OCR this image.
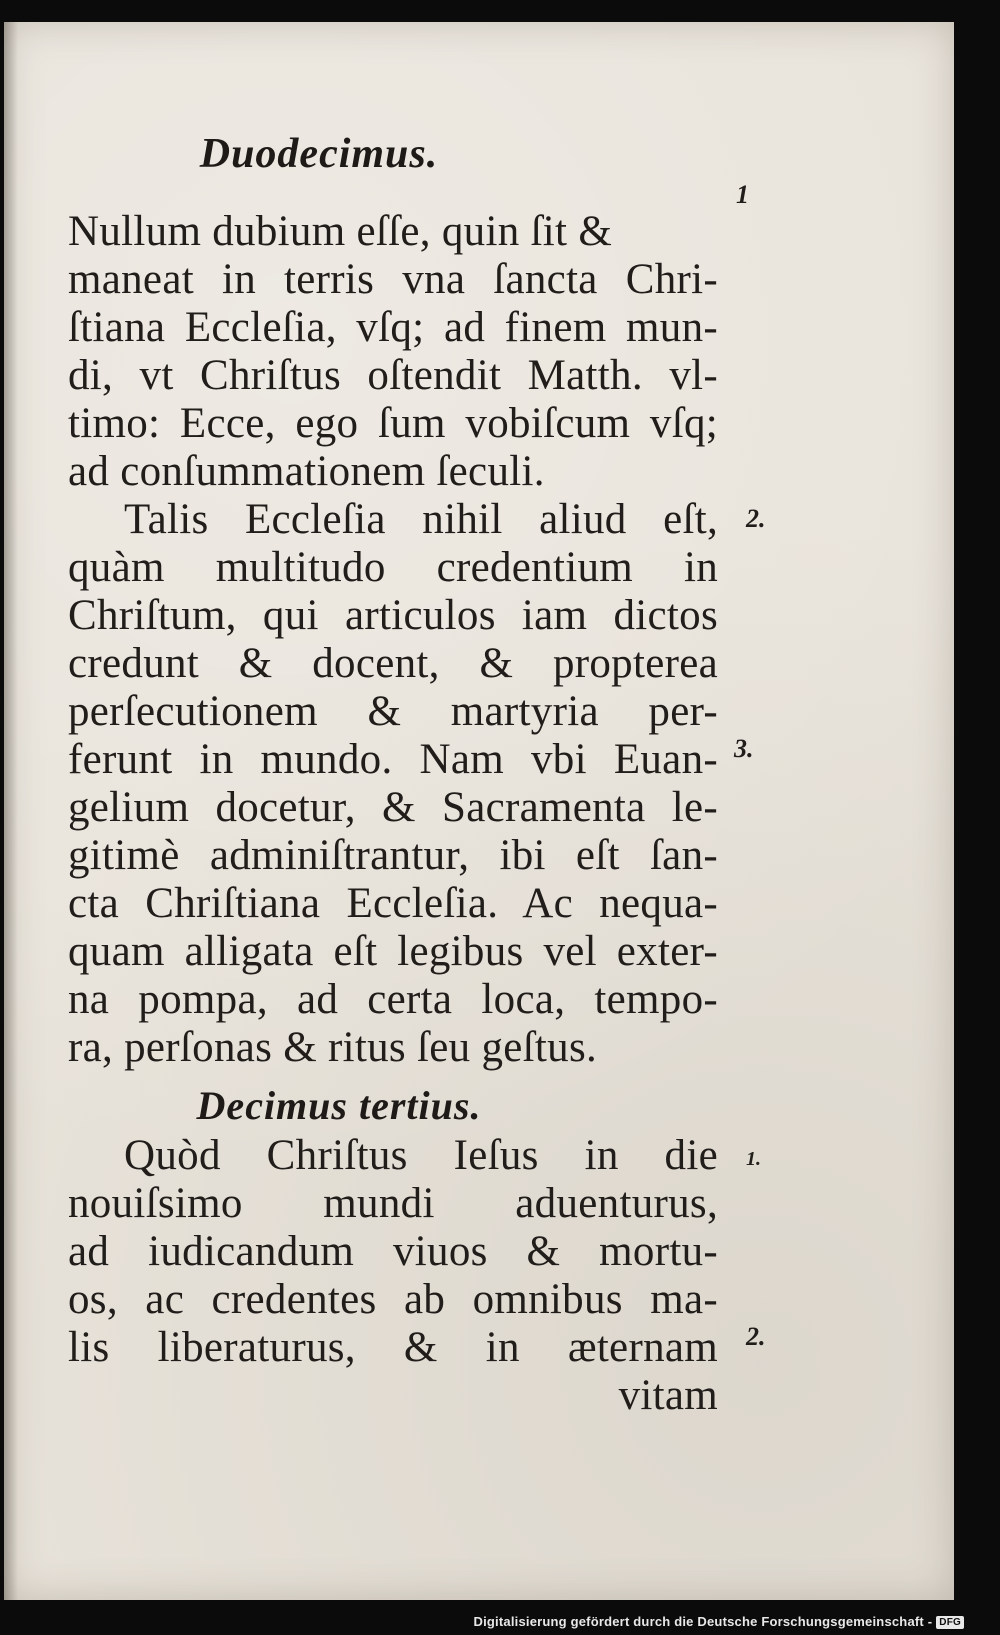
Duodecimus.
Nullum dubium eſſe, quin ſit &
maneat in terris vna ſancta Chri-
ſtiana Eccleſia, vſq; ad finem mun-
di, vt Chriſtus oſtendit Matth. vl-
timo: Ecce, ego ſum vobiſcum vſq;
ad conſummationem ſeculi.
Talis Eccleſia nihil aliud eſt,
quàm multitudo credentium in
Chriſtum, qui articulos iam dictos
credunt & docent, & propterea
perſecutionem & martyria per-
ferunt in mundo. Nam vbi Euan-
gelium docetur, & Sacramenta le-
gitimè adminiſtrantur, ibi eſt ſan-
cta Chriſtiana Eccleſia. Ac nequa-
quam alligata eſt legibus vel exter-
na pompa, ad certa loca, tempo-
ra, perſonas & ritus ſeu geſtus.
Decimus tertius.
Quòd Chriſtus Ieſus in die
nouiſsimo mundi aduenturus,
ad iudicandum viuos & mortu-
os, ac credentes ab omnibus ma-
lis liberaturus, & in æternam
vitam
1
2.
3.
1.
2.
Digitalisierung gefördert durch die Deutsche Forschungsgemeinschaft - DFG
